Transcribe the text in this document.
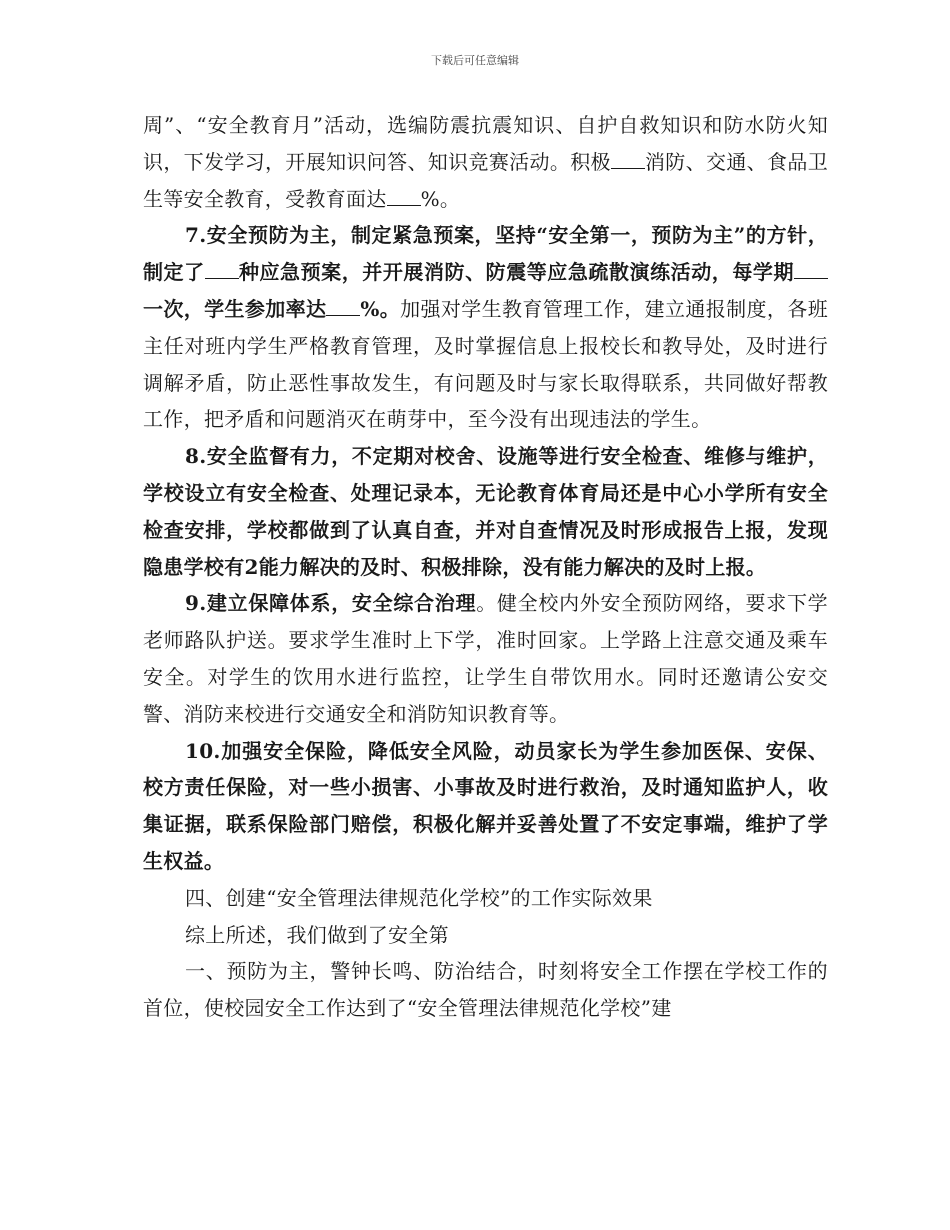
下载后可任意编辑

周”、“安全教育月”活动，选编防震抗震知识、自护自救知识和防水防火知识，下发学习，开展知识问答、知识竞赛活动。积极 消防、交通、食品卫生等安全教育，受教育面达 %。

7.安全预防为主，制定紧急预案，坚持“安全第一，预防为主”的方针，制定了 种应急预案，并开展消防、防震等应急疏散演练活动，每学期一次，学生参加率达 %。加强对学生教育管理工作，建立通报制度，各班主任对班内学生严格教育管理，及时掌握信息上报校长和教导处，及时进行调解矛盾，防止恶性事故发生，有问题及时与家长取得联系，共同做好帮教工作，把矛盾和问题消灭在萌芽中，至今没有出现违法的学生。

8.安全监督有力，不定期对校舍、设施等进行安全检查、维修与维护，学校设立有安全检查、处理记录本，无论教育体育局还是中心小学所有安全检查安排，学校都做到了认真自查，并对自查情况及时形成报告上报，发现隐患学校有2能力解决的及时、积极排除，没有能力解决的及时上报。

9.建立保障体系，安全综合治理。健全校内外安全预防网络，要求下学老师路队护送。要求学生准时上下学，准时回家。上学路上注意交通及乘车安全。对学生的饮用水进行监控，让学生自带饮用水。同时还邀请公安交警、消防来校进行交通安全和消防知识教育等。

10.加强安全保险，降低安全风险，动员家长为学生参加医保、安保、校方责任保险，对一些小损害、小事故及时进行救治，及时通知监护人，收集证据，联系保险部门赔偿，积极化解并妥善处置了不安定事端，维护了学生权益。

四、创建“安全管理法律规范化学校”的工作实际效果

综上所述，我们做到了安全第

一、预防为主，警钟长鸣、防治结合，时刻将安全工作摆在学校工作的首位，使校园安全工作达到了“安全管理法律规范化学校”建
